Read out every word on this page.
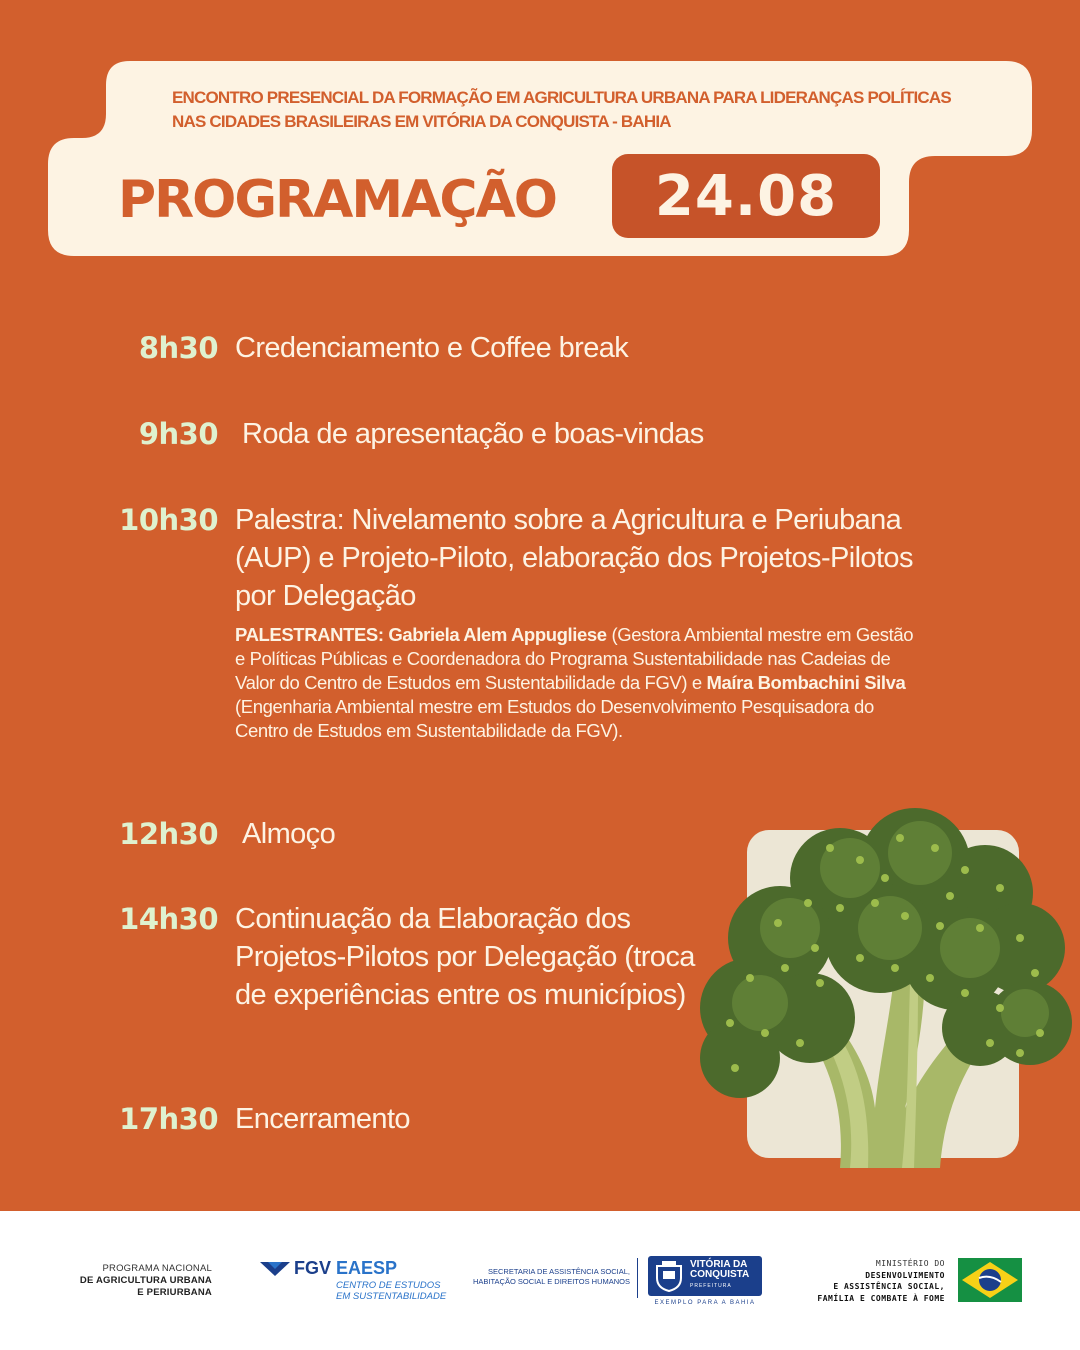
ENCONTRO PRESENCIAL DA FORMAÇÃO EM AGRICULTURA URBANA PARA LIDERANÇAS POLÍTICAS NAS CIDADES BRASILEIRAS EM VITÓRIA DA CONQUISTA - BAHIA
PROGRAMAÇÃO	24.08
8h30 Credenciamento e Coffee break
9h30 Roda de apresentação e boas-vindas
10h30 Palestra: Nivelamento sobre a Agricultura e Periubana (AUP) e Projeto-Piloto, elaboração dos Projetos-Pilotos por Delegação
PALESTRANTES: Gabriela Alem Appugliese (Gestora Ambiental mestre em Gestão e Políticas Públicas e Coordenadora do Programa Sustentabilidade nas Cadeias de Valor do Centro de Estudos em Sustentabilidade da FGV) e Maíra Bombachini Silva (Engenharia Ambiental mestre em Estudos do Desenvolvimento Pesquisadora do Centro de Estudos em Sustentabilidade da FGV).
12h30 Almoço
14h30 Continuação da Elaboração dos Projetos-Pilotos por Delegação (troca de experiências entre os municípios)
17h30 Encerramento
PROGRAMA NACIONAL
DE AGRICULTURA URBANA
E PERIURBANA
FGV EAESP
CENTRO DE ESTUDOS EM SUSTENTABILIDADE
SECRETARIA DE ASSISTÊNCIA SOCIAL, HABITAÇÃO SOCIAL E DIREITOS HUMANOS
VITÓRIA DA
CONQUISTA
PREFEITURA
EXEMPLO PARA A BAHIA
MINISTÉRIO DO
DESENVOLVIMENTO
E ASSISTÊNCIA SOCIAL,
FAMÍLIA E COMBATE À FOME
